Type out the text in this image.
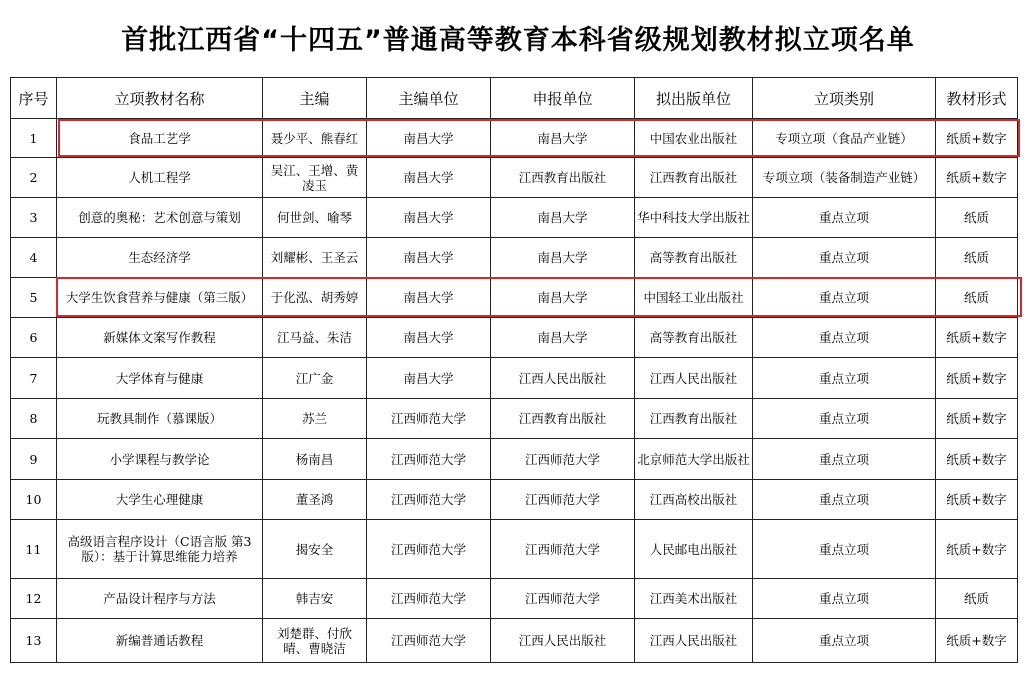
首批江西省“十四五”普通高等教育本科省级规划教材拟立项名单
序号	立项教材名称	主编	主编单位	申报单位	拟出版单位	立项类别	教材形式
1	食品工艺学	聂少平、熊春红	南昌大学	南昌大学	中国农业出版社	专项立项（食品产业链）	纸质+数字
2	人机工程学	吴江、王增、黄凌玉	南昌大学	江西教育出版社	江西教育出版社	专项立项（装备制造产业链）	纸质+数字
3	创意的奥秘：艺术创意与策划	何世剑、喻琴	南昌大学	南昌大学	华中科技大学出版社	重点立项	纸质
4	生态经济学	刘耀彬、王圣云	南昌大学	南昌大学	高等教育出版社	重点立项	纸质
5	大学生饮食营养与健康（第三版）	于化泓、胡秀婷	南昌大学	南昌大学	中国轻工业出版社	重点立项	纸质
6	新媒体文案写作教程	江马益、朱洁	南昌大学	南昌大学	高等教育出版社	重点立项	纸质+数字
7	大学体育与健康	江广金	南昌大学	江西人民出版社	江西人民出版社	重点立项	纸质+数字
8	玩教具制作（慕课版）	苏兰	江西师范大学	江西教育出版社	江西教育出版社	重点立项	纸质+数字
9	小学课程与教学论	杨南昌	江西师范大学	江西师范大学	北京师范大学出版社	重点立项	纸质+数字
10	大学生心理健康	董圣鸿	江西师范大学	江西师范大学	江西高校出版社	重点立项	纸质+数字
11	高级语言程序设计（C语言版 第3版）：基于计算思维能力培养	揭安全	江西师范大学	江西师范大学	人民邮电出版社	重点立项	纸质+数字
12	产品设计程序与方法	韩吉安	江西师范大学	江西师范大学	江西美术出版社	重点立项	纸质
13	新编普通话教程	刘楚群、付欣晴、曹晓洁	江西师范大学	江西人民出版社	江西人民出版社	重点立项	纸质+数字
